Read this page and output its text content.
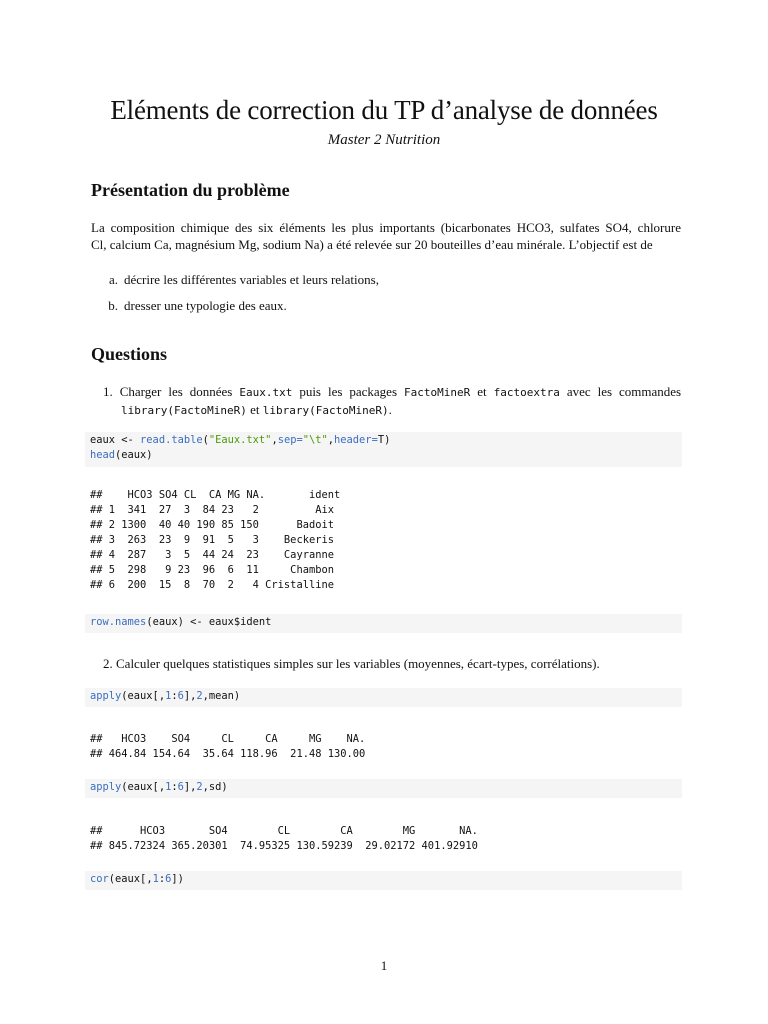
Eléments de correction du TP d’analyse de données
Master 2 Nutrition
Présentation du problème
La composition chimique des six éléments les plus importants (bicarbonates HCO3, sulfates SO4, chlorure
Cl, calcium Ca, magnésium Mg, sodium Na) a été relevée sur 20 bouteilles d’eau minérale. L’objectif est de
a. décrire les différentes variables et leurs relations,
b. dresser une typologie des eaux.
Questions
1. Charger les données Eaux.txt puis les packages FactoMineR et factoextra avec les commandes
library(FactoMineR) et library(FactoMineR).
eaux <- read.table("Eaux.txt",sep="\t",header=T)
head(eaux)
##    HCO3 SO4 CL  CA MG NA.       ident
## 1  341  27  3  84 23   2         Aix
## 2 1300  40 40 190 85 150      Badoit
## 3  263  23  9  91  5   3    Beckeris
## 4  287   3  5  44 24  23    Cayranne
## 5  298   9 23  96  6  11     Chambon
## 6  200  15  8  70  2   4 Cristalline
row.names(eaux) <- eaux$ident
2. Calculer quelques statistiques simples sur les variables (moyennes, écart-types, corrélations).
apply(eaux[,1:6],2,mean)
##   HCO3    SO4     CL     CA     MG    NA.
## 464.84 154.64  35.64 118.96  21.48 130.00
apply(eaux[,1:6],2,sd)
##      HCO3       SO4        CL        CA        MG       NA.
## 845.72324 365.20301  74.95325 130.59239  29.02172 401.92910
cor(eaux[,1:6])
1
